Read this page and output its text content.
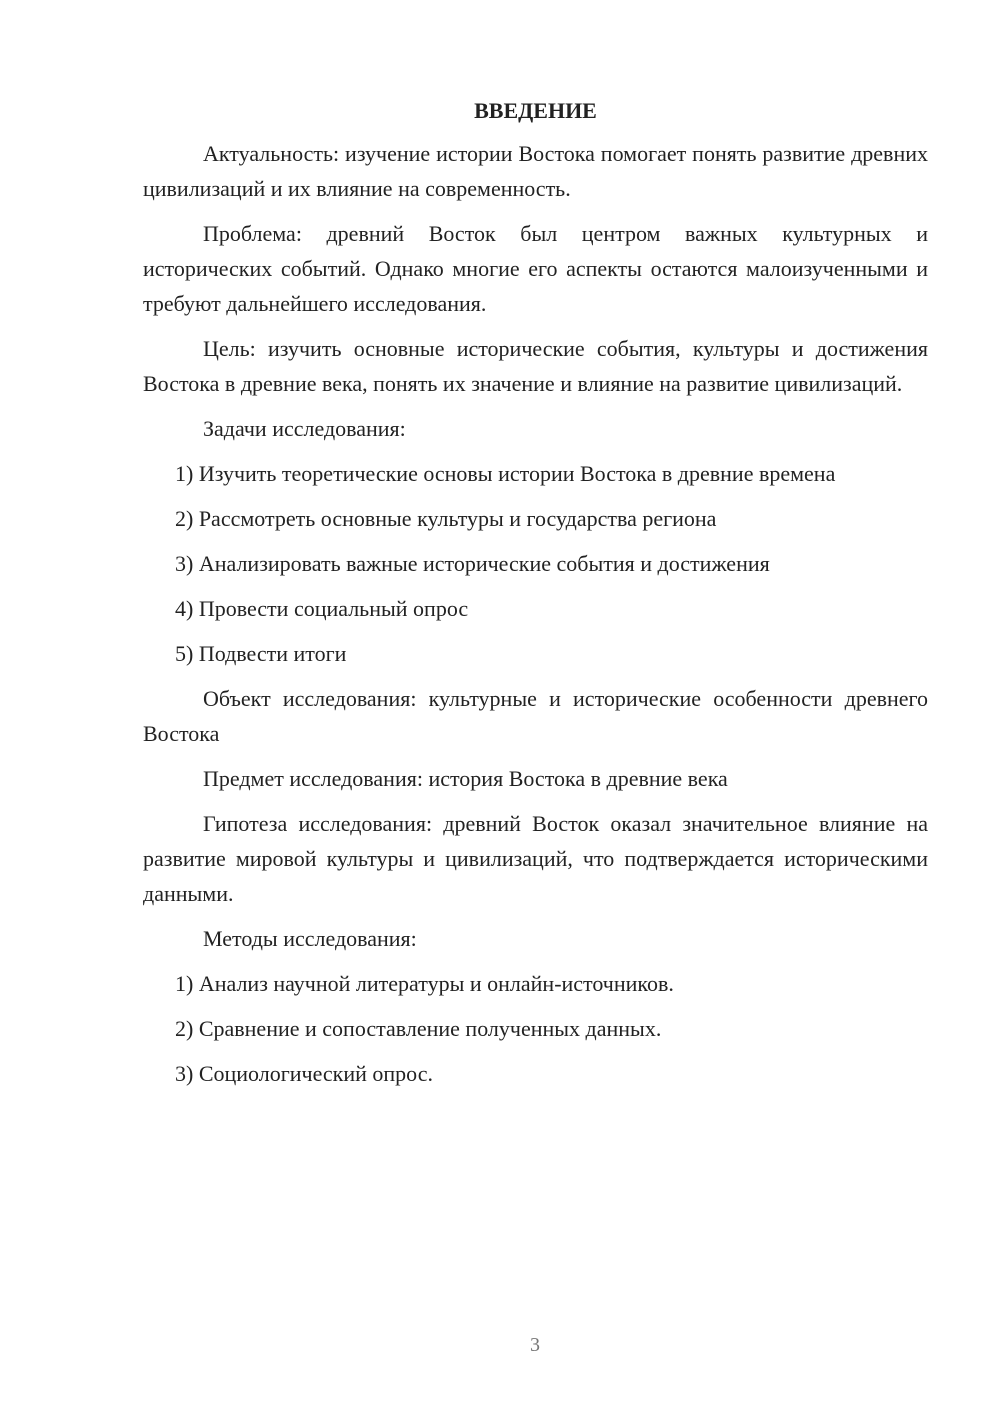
ВВЕДЕНИЕ

Актуальность: изучение истории Востока помогает понять развитие древних цивилизаций и их влияние на современность.

Проблема: древний Восток был центром важных культурных и исторических событий. Однако многие его аспекты остаются малоизученными и требуют дальнейшего исследования.

Цель: изучить основные исторические события, культуры и достижения Востока в древние века, понять их значение и влияние на развитие цивилизаций.

Задачи исследования:

1) Изучить теоретические основы истории Востока в древние времена

2) Рассмотреть основные культуры и государства региона

3) Анализировать важные исторические события и достижения

4) Провести социальный опрос

5) Подвести итоги

Объект исследования: культурные и исторические особенности древнего Востока

Предмет исследования: история Востока в древние века

Гипотеза исследования: древний Восток оказал значительное влияние на развитие мировой культуры и цивилизаций, что подтверждается историческими данными.

Методы исследования:

1) Анализ научной литературы и онлайн-источников.

2) Сравнение и сопоставление полученных данных.

3) Социологический опрос.

3
